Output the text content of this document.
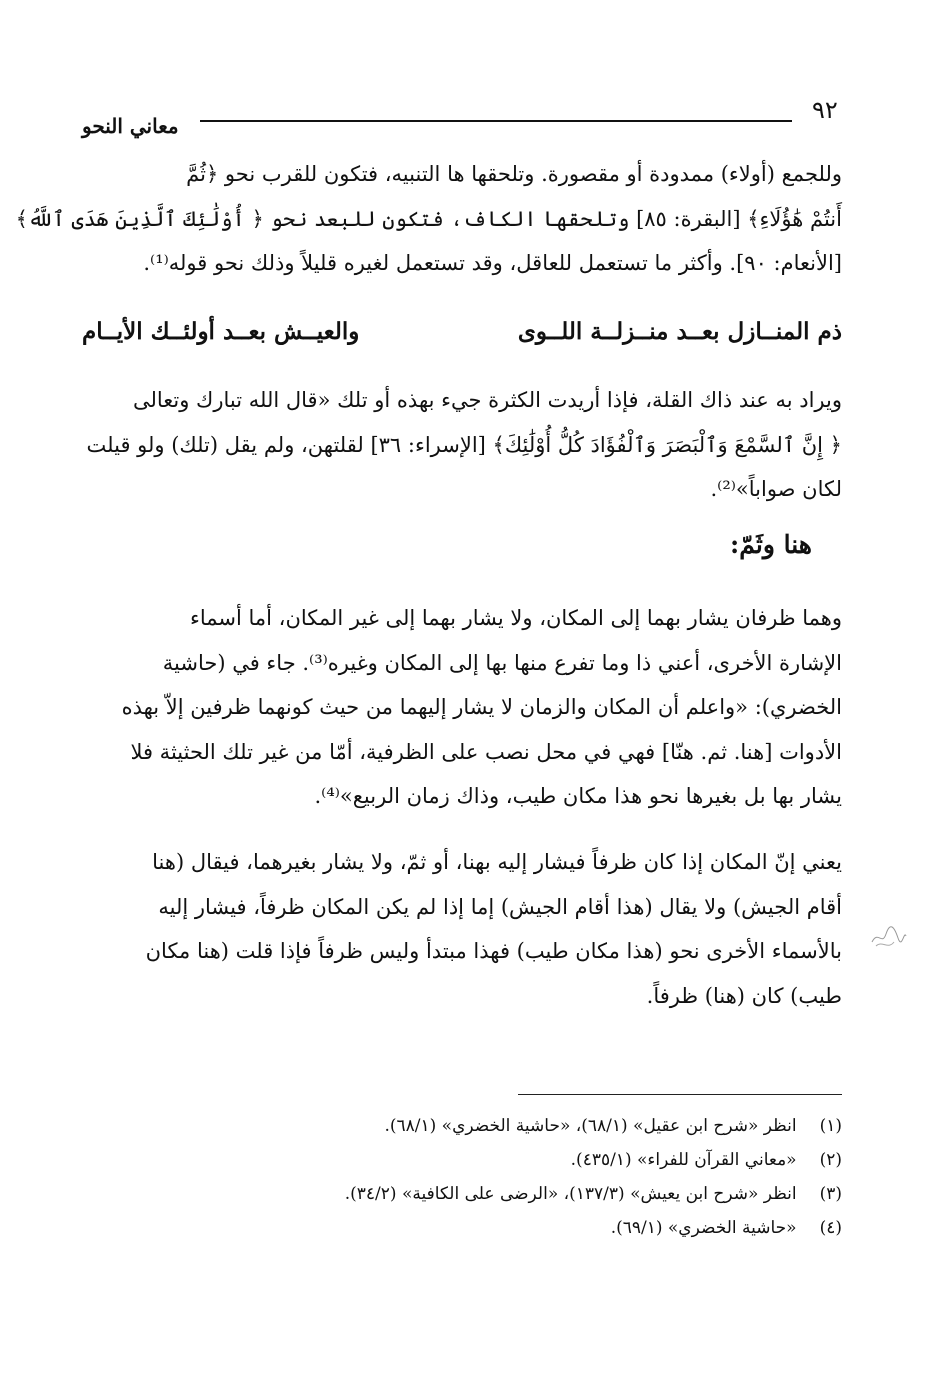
٩٢
معاني النحو
وللجمع (أولاء) ممدودة أو مقصورة. وتلحقها ها التنبيه، فتكون للقرب نحو ﴿ثُمَّ
أَنتُمْ هَٰؤُلَاءِ﴾ [البقرة: ٨٥] وتلحقها الكاف، فتكون للبعد نحو ﴿ أُوْلَٰئِكَ ٱلَّذِينَ هَدَى ٱللَّهُ﴾
[الأنعام: ٩٠]. وأكثر ما تستعمل للعاقل، وقد تستعمل لغيره قليلاً وذلك نحو قوله⁽¹⁾.
ذم المنــازل بعــد منــزلــة اللــوى
والعيــش بعــد أولئــك الأيــام
ويراد به عند ذاك القلة، فإذا أريدت الكثرة جيء بهذه أو تلك «قال الله تبارك وتعالى
﴿ إِنَّ ٱلسَّمْعَ وَٱلْبَصَرَ وَٱلْفُؤَادَ كُلُّ أُوْلَٰئِكَ﴾ [الإسراء: ٣٦] لقلتهن، ولم يقل (تلك) ولو قيلت
لكان صواباً»⁽²⁾.
هنا وثَمّ:
وهما ظرفان يشار بهما إلى المكان، ولا يشار بهما إلى غير المكان، أما أسماء
الإشارة الأخرى، أعني ذا وما تفرع منها بها إلى المكان وغيره⁽³⁾. جاء في (حاشية
الخضري): «واعلم أن المكان والزمان لا يشار إليهما من حيث كونهما ظرفين إلاّ بهذه
الأدوات [هنا. ثم. هنّا] فهي في محل نصب على الظرفية، أمّا من غير تلك الحثيثة فلا
يشار بها بل بغيرها نحو هذا مكان طيب، وذاك زمان الربيع»⁽⁴⁾.
يعني إنّ المكان إذا كان ظرفاً فيشار إليه بهنا، أو ثمّ، ولا يشار بغيرهما، فيقال (هنا
أقام الجيش) ولا يقال (هذا أقام الجيش) إما إذا لم يكن المكان ظرفاً، فيشار إليه
بالأسماء الأخرى نحو (هذا مكان طيب) فهذا مبتدأ وليس ظرفاً فإذا قلت (هنا مكان
طيب) كان (هنا) ظرفاً.
(١) انظر «شرح ابن عقيل» (٦٨/١)، «حاشية الخضري» (٦٨/١).
(٢) «معاني القرآن للفراء» (٤٣٥/١).
(٣) انظر «شرح ابن يعيش» (١٣٧/٣)، «الرضى على الكافية» (٣٤/٢).
(٤) «حاشية الخضري» (٦٩/١).
